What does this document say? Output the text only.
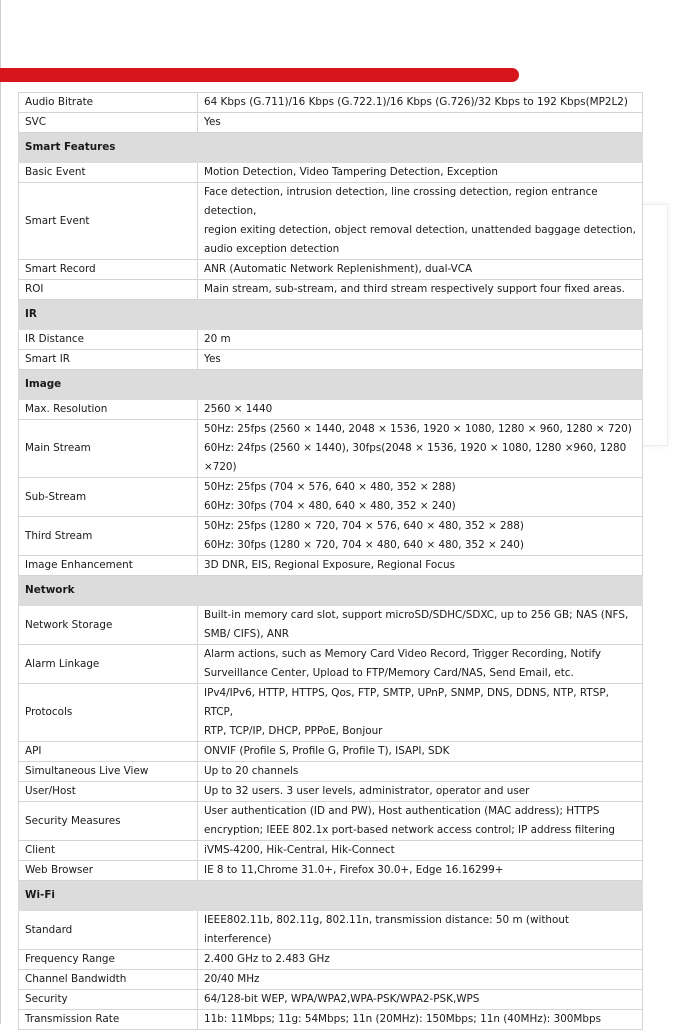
Audio Bitrate	64 Kbps (G.711)/16 Kbps (G.722.1)/16 Kbps (G.726)/32 Kbps to 192 Kbps(MP2L2)
SVC	Yes
Smart Features	
Basic Event	Motion Detection, Video Tampering Detection, Exception
Smart Event	Face detection, intrusion detection, line crossing detection, region entrance detection,
region exiting detection, object removal detection, unattended baggage detection,
audio exception detection
Smart Record	ANR (Automatic Network Replenishment), dual-VCA
ROI	Main stream, sub-stream, and third stream respectively support four fixed areas.
IR	
IR Distance	20 m
Smart IR	Yes
Image	
Max. Resolution	2560 × 1440
Main Stream	50Hz: 25fps (2560 × 1440, 2048 × 1536, 1920 × 1080, 1280 × 960, 1280 × 720)
60Hz: 24fps (2560 × 1440), 30fps(2048 × 1536, 1920 × 1080, 1280 ×960, 1280 ×720)
Sub-Stream	50Hz: 25fps (704 × 576, 640 × 480, 352 × 288)
60Hz: 30fps (704 × 480, 640 × 480, 352 × 240)
Third Stream	50Hz: 25fps (1280 × 720, 704 × 576, 640 × 480, 352 × 288)
60Hz: 30fps (1280 × 720, 704 × 480, 640 × 480, 352 × 240)
Image Enhancement	3D DNR, EIS, Regional Exposure, Regional Focus
Network	
Network Storage	Built-in memory card slot, support microSD/SDHC/SDXC, up to 256 GB; NAS (NFS,
SMB/ CIFS), ANR
Alarm Linkage	Alarm actions, such as Memory Card Video Record, Trigger Recording, Notify
Surveillance Center, Upload to FTP/Memory Card/NAS, Send Email, etc.
Protocols	IPv4/IPv6, HTTP, HTTPS, Qos, FTP, SMTP, UPnP, SNMP, DNS, DDNS, NTP, RTSP, RTCP,
RTP, TCP/IP, DHCP, PPPoE, Bonjour
API	ONVIF (Profile S, Profile G, Profile T), ISAPI, SDK
Simultaneous Live View	Up to 20 channels
User/Host	Up to 32 users. 3 user levels, administrator, operator and user
Security Measures	User authentication (ID and PW), Host authentication (MAC address); HTTPS
encryption; IEEE 802.1x port-based network access control; IP address filtering
Client	iVMS-4200, Hik-Central, Hik-Connect
Web Browser	IE 8 to 11,Chrome 31.0+, Firefox 30.0+, Edge 16.16299+
Wi-Fi	
Standard	IEEE802.11b, 802.11g, 802.11n, transmission distance: 50 m (without interference)
Frequency Range	2.400 GHz to 2.483 GHz
Channel Bandwidth	20/40 MHz
Security	64/128-bit WEP, WPA/WPA2,WPA-PSK/WPA2-PSK,WPS
Transmission Rate	11b: 11Mbps; 11g: 54Mbps; 11n (20MHz): 150Mbps; 11n (40MHz): 300Mbps
